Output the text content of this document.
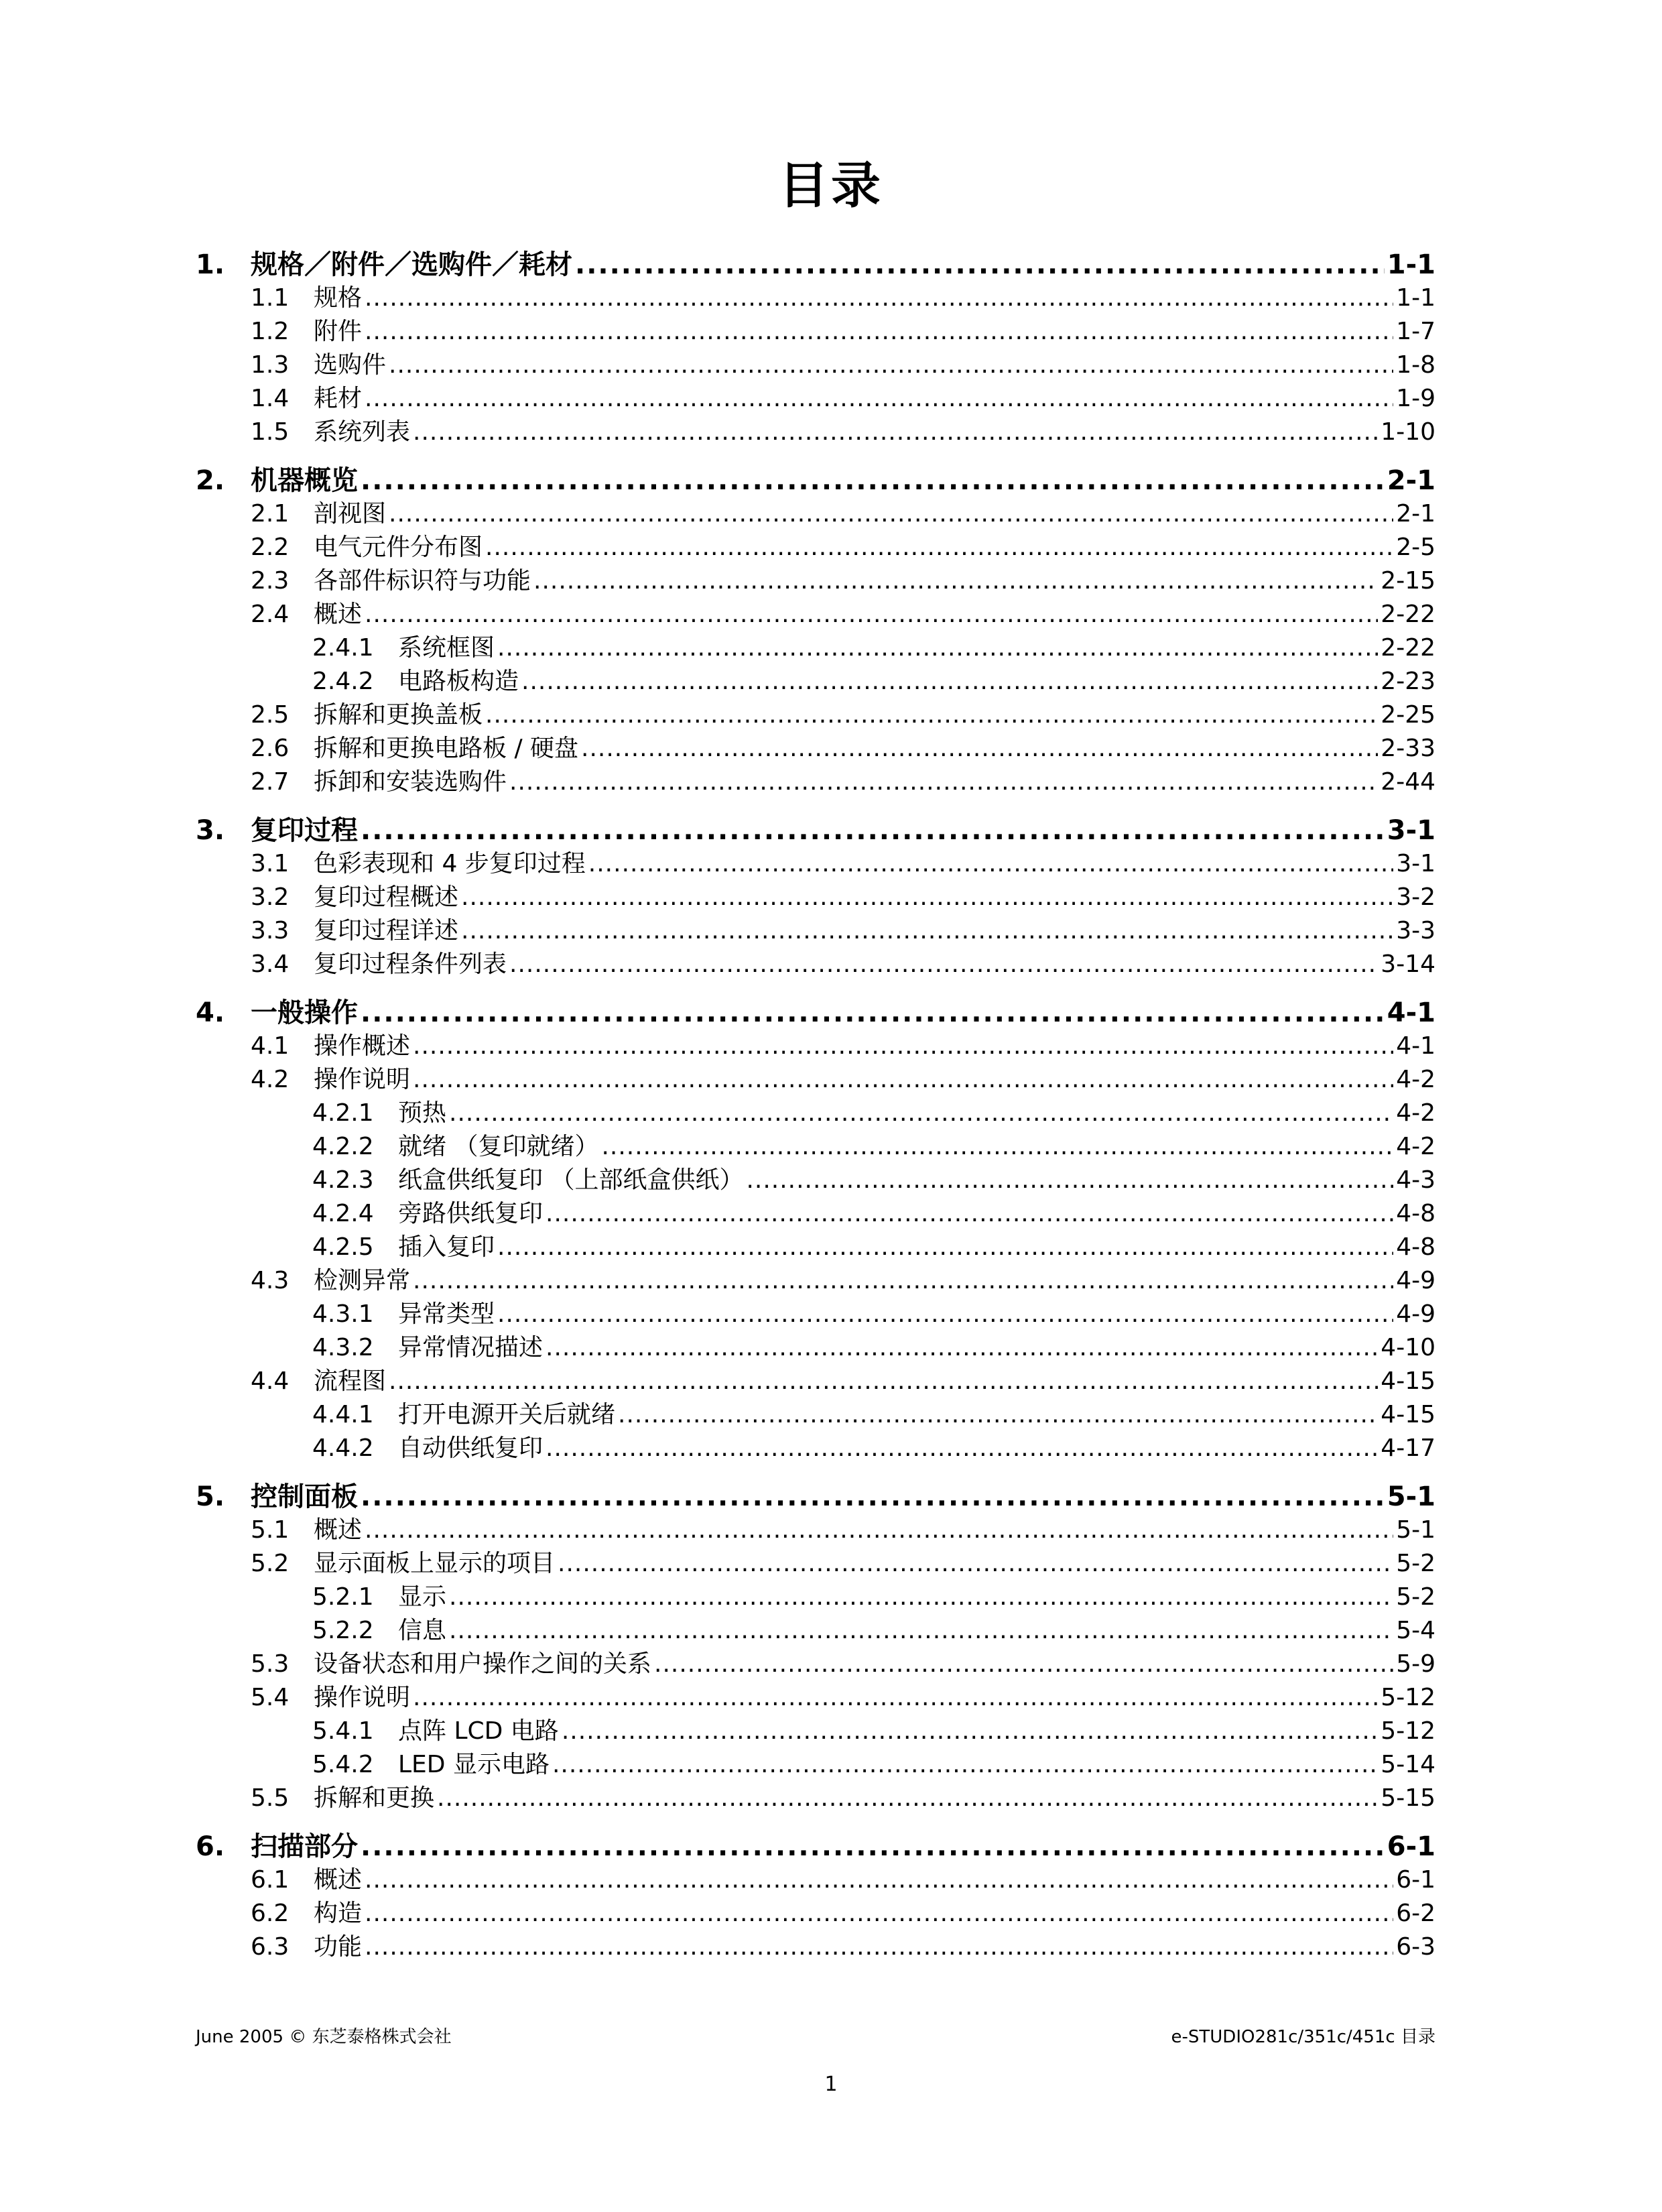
目录
1. 规格／附件／选购件／耗材 .....	1-1
1.1	规格 .....	1-1
1.2	附件 .....	1-7
1.3	选购件 .....	1-8
1.4	耗材 .....	1-9
1.5	系统列表 .....	1-10
2. 机器概览 .....	2-1
2.1	剖视图 .....	2-1
2.2	电气元件分布图 .....	2-5
2.3	各部件标识符与功能 .....	2-15
2.4	概述 .....	2-22
2.4.1	系统框图 .....	2-22
2.4.2	电路板构造 .....	2-23
2.5	拆解和更换盖板 .....	2-25
2.6	拆解和更换电路板 / 硬盘 .....	2-33
2.7	拆卸和安装选购件 .....	2-44
3. 复印过程 .....	3-1
3.1	色彩表现和 4 步复印过程 .....	3-1
3.2	复印过程概述 .....	3-2
3.3	复印过程详述 .....	3-3
3.4	复印过程条件列表 .....	3-14
4. 一般操作 .....	4-1
4.1	操作概述 .....	4-1
4.2	操作说明 .....	4-2
4.2.1	预热 .....	4-2
4.2.2	就绪 （复印就绪） .....	4-2
4.2.3	纸盒供纸复印 （上部纸盒供纸） .....	4-3
4.2.4	旁路供纸复印 .....	4-8
4.2.5	插入复印 .....	4-8
4.3	检测异常 .....	4-9
4.3.1	异常类型 .....	4-9
4.3.2	异常情况描述 .....	4-10
4.4	流程图 .....	4-15
4.4.1	打开电源开关后就绪 .....	4-15
4.4.2	自动供纸复印 .....	4-17
5. 控制面板 .....	5-1
5.1	概述 .....	5-1
5.2	显示面板上显示的项目 .....	5-2
5.2.1	显示 .....	5-2
5.2.2	信息 .....	5-4
5.3	设备状态和用户操作之间的关系 .....	5-9
5.4	操作说明 .....	5-12
5.4.1	点阵 LCD 电路 .....	5-12
5.4.2	LED 显示电路 .....	5-14
5.5	拆解和更换 .....	5-15
6. 扫描部分 .....	6-1
6.1	概述 .....	6-1
6.2	构造 .....	6-2
6.3	功能 .....	6-3
June 2005 © 东芝泰格株式会社	e-STUDIO281c/351c/451c 目录
1
